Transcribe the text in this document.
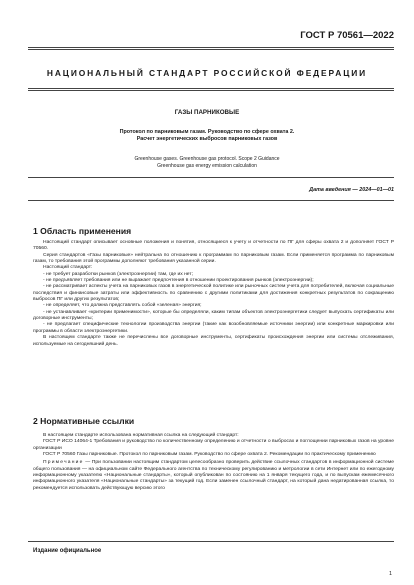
ГОСТ Р 70561—2022
НАЦИОНАЛЬНЫЙ СТАНДАРТ РОССИЙСКОЙ ФЕДЕРАЦИИ
ГАЗЫ ПАРНИКОВЫЕ
Протокол по парниковым газам. Руководство по сфере охвата 2.
Расчет энергетических выбросов парниковых газов
Greenhouse gases. Greenhouse gas protocol. Scope 2 Guidance
Greenhouse gas energy emission calculation
Дата введения — 2024—01—01
1 Область применения

Настоящий стандарт описывает основные положения и понятия, относящиеся к учету и отчетности по ПГ для сферы охвата 2 и дополняет ГОСТ Р 70560.

Серия стандартов «Газы парниковые» нейтральна по отношению к программам по парниковым газам. Если применяется программа по парниковым газам, то требования этой программы дополняют требования указанной серии.

Настоящий стандарт:

- не требует разработки рынков (электроэнергии) там, где их нет;

- не предъявляет требования или не выражает предпочтения в отношении проектирования рынков (электроэнергии);

- не рассматривает аспекты учета на парниковых газов в энергетической политике или рыночных систем учета для потребителей, включая социальные последствия и финансовые затраты или эффективность по сравнению с другими политиками для достижения конкретных результатов по сокращению выбросов ПГ или других результатов;

- не определяет, что должна представлять собой «зеленая» энергия;

- не устанавливает «критерии применимости», которые бы определяли, каким типам объектов электроэнергетики следует выпускать сертификаты или договорные инструменты;

- не предлагает специфические технологии производства энергии (такие как возобновляемые источники энергии) или конкретные маркировки или программы в области электроэнергетики.

В настоящем стандарте также не перечислены все договорные инструменты, сертификаты происхождения энергии или системы отслеживания, используемые на сегодняшний день.

2 Нормативные ссылки

В настоящем стандарте использована нормативная ссылка на следующий стандарт:

ГОСТ Р ИСО 14064-1 Требования и руководство по количественному определению и отчетности о выбросах и поглощении парниковых газов на уровне организации

ГОСТ Р 70560 Газы парниковые. Протокол по парниковым газам. Руководство по сфере охвата 2. Рекомендации по практическому применению

Примечание — При пользовании настоящим стандартом целесообразно проверить действие ссылочных стандартов в информационной системе общего пользования — на официальном сайте Федерального агентства по техническому регулированию и метрологии в сети Интернет или по ежегодному информационному указателю «Национальные стандарты», который опубликован по состоянию на 1 января текущего года, и по выпускам ежемесячного информационного указателя «Национальные стандарты» за текущий год. Если заменен ссылочный стандарт, на который дана недатированная ссылка, то рекомендуется использовать действующую версию этого

Издание официальное
1
